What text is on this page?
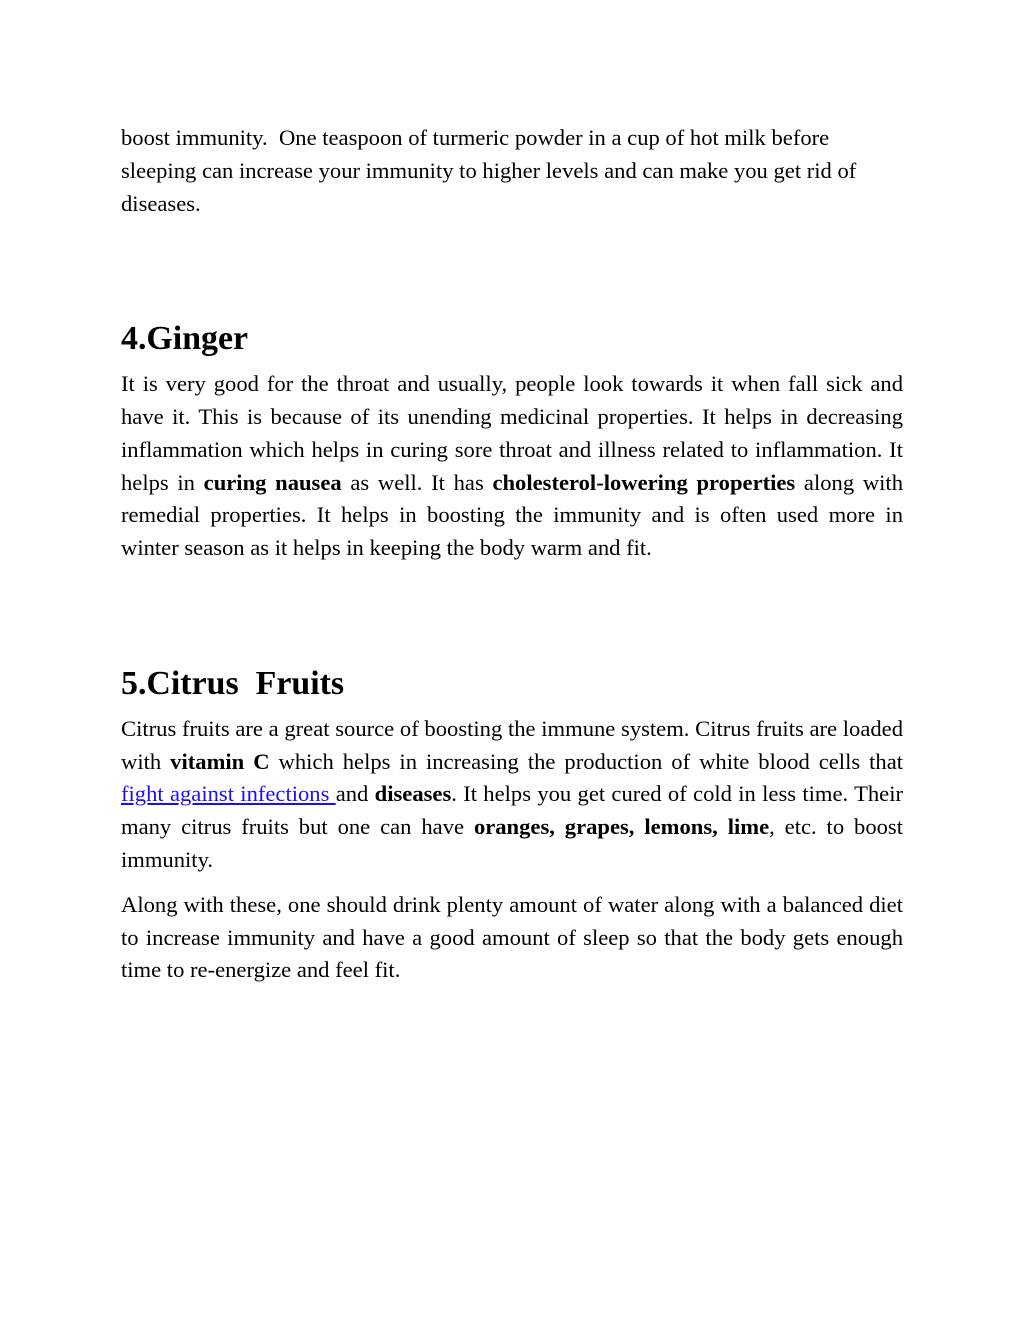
boost immunity.  One teaspoon of turmeric powder in a cup of hot milk before sleeping can increase your immunity to higher levels and can make you get rid of diseases.

4.Ginger

It is very good for the throat and usually, people look towards it when fall sick and have it. This is because of its unending medicinal properties. It helps in decreasing inflammation which helps in curing sore throat and illness related to inflammation. It helps in curing nausea as well. It has cholesterol-lowering properties along with remedial properties. It helps in boosting the immunity and is often used more in winter season as it helps in keeping the body warm and fit.

5.Citrus  Fruits

Citrus fruits are a great source of boosting the immune system. Citrus fruits are loaded with vitamin C which helps in increasing the production of white blood cells that fight against infections and diseases. It helps you get cured of cold in less time. Their many citrus fruits but one can have oranges, grapes, lemons, lime, etc. to boost immunity.

Along with these, one should drink plenty amount of water along with a balanced diet to increase immunity and have a good amount of sleep so that the body gets enough time to re-energize and feel fit.
